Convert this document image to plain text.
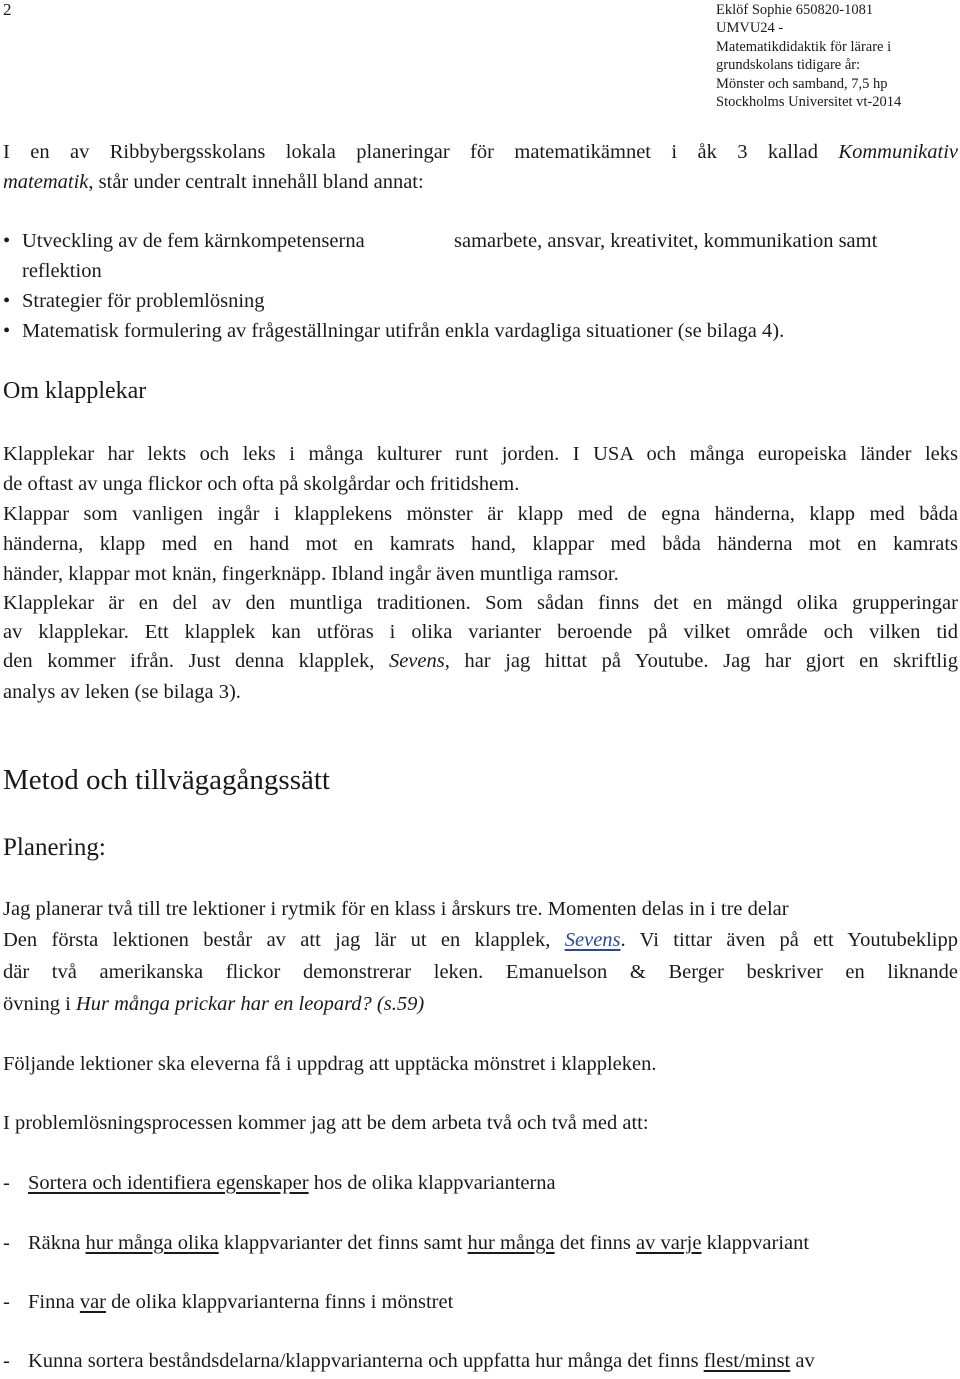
2	Eklöf Sophie 650820-1081
UMVU24 -
Matematikdidaktik för lärare i
grundskolans tidigare år:
Mönster och samband, 7,5 hp
Stockholms Universitet vt-2014
I en av Ribbybergsskolans lokala planeringar för matematikämnet i åk 3 kallad Kommunikativ
matematik, står under centralt innehåll bland annat:
• Utveckling av de fem kärnkompetenserna	samarbete, ansvar, kreativitet, kommunikation samt
reflektion
• Strategier för problemlösning
• Matematisk formulering av frågeställningar utifrån enkla vardagliga situationer (se bilaga 4).
Om klapplekar
Klapplekar har lekts och leks i många kulturer runt jorden. I USA och många europeiska länder leks
de oftast av unga flickor och ofta på skolgårdar och fritidshem.
Klappar som vanligen ingår i klapplekens mönster är klapp med de egna händerna, klapp med båda
händerna, klapp med en hand mot en kamrats hand, klappar med båda händerna mot en kamrats
händer, klappar mot knän, fingerknäpp. Ibland ingår även muntliga ramsor.
Klapplekar är en del av den muntliga traditionen. Som sådan finns det en mängd olika grupperingar
av klapplekar. Ett klapplek kan utföras i olika varianter beroende på vilket område och vilken tid
den kommer ifrån. Just denna klapplek, Sevens, har jag hittat på Youtube. Jag har gjort en skriftlig
analys av leken (se bilaga 3).
Metod och tillvägagångssätt
Planering:
Jag planerar två till tre lektioner i rytmik för en klass i årskurs tre. Momenten delas in i tre delar
Den första lektionen består av att jag lär ut en klapplek, Sevens. Vi tittar även på ett Youtubeklipp
där två amerikanska flickor demonstrerar leken. Emanuelson & Berger beskriver en liknande
övning i Hur många prickar har en leopard? (s.59)
Följande lektioner ska eleverna få i uppdrag att upptäcka mönstret i klappleken.
I problemlösningsprocessen kommer jag att be dem arbeta två och två med att:
- Sortera och identifiera egenskaper hos de olika klappvarianterna
- Räkna hur många olika klappvarianter det finns samt hur många det finns av varje klappvariant
- Finna var de olika klappvarianterna finns i mönstret
- Kunna sortera beståndsdelarna/klappvarianterna och uppfatta hur många det finns flest/minst av
